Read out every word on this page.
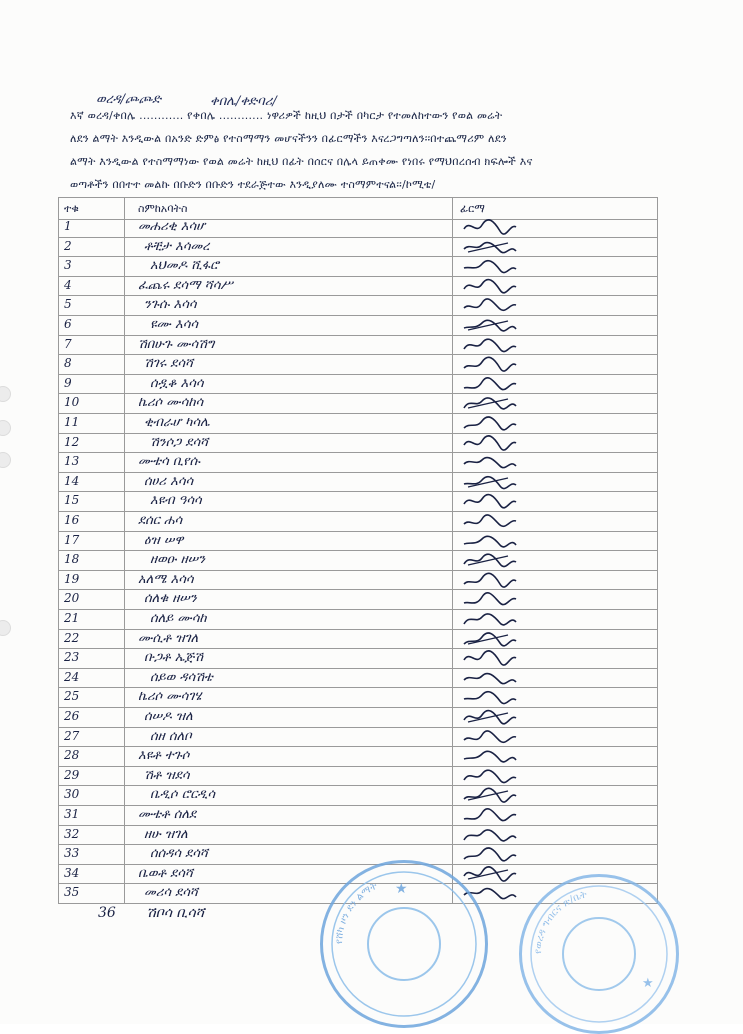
እኛ ወረዳ/ቀበሌ ............ የቀበሌ ............ ነዋሪዎች ከዚህ በታች በካርታ የተመለከተውን የወል መሬት
ለደን ልማት እንዲውል በአንድ ድምፅ የተስማማን መሆናችንን በፊርማችን እናረጋግጣለን፡፡በተጨማሪም ለደን
ልማት እንዲውል የተስማማነው የወል መሬት ከዚህ በፊት በሰርና በሌላ ይጠቀሙ የነበሩ የማህበረሰብ ክፍሎች እና
ወጣቶችን በበተተ መልኩ በቡድን በቡድን ተደራጅተው እንዲያለሙ ተስማምተናል፡፡/ኮሚቴ/
ወረዳ/ጮጮድ	ቀበሌ/ቀድባሪ/
ተቁ	ስምከአባትስ	ፊርማ
1	መሐሪቂ እሳሆ
2	ቶቺታ እሳመረ
3	አህመዶ ሺፋሮ
4	ፈጨሩ ደሳማ ሻሳሥ
5	ንጉሱ እሳሳ
6	ዩሙ እሳሳ
7	ሽበሁጉ ሙሳሽግ
8	ሽገሩ ደሳሻ
9	ሰዷቆ እሳሳ
10	ኬሪሶ ሙሳከሳ
11	ቂብራሆ ካሳሌ
12	ሽንሶጋ ደሳሻ
13	ሙቴሳ ቢየሱ
14	ሰሀሪ እሳሳ
15	እዩብ ዓሳሳ
16	ደሰር ሐሳ
17	ዕዝ ሠዋ
18	ዘወዑ ዘሠን
19	አለሜ እሳሳ
20	ሰለቁ ዘሠን
21	ሰለይ ሙሳከ
22	ሙሲቶ ዝገለ
23	ቡጋቶ ኤጅሽ
24	ሰይወ ዳሳሽቴ
25	ኬሪሶ ሙሳገሄ
26	ሰሠዶ ዝለ
27	ሰዘ ሰለቦ
28	እዩቶ ተጉሶ
29	ሽቶ ዝደሳ
30	ቤዲሶ ሮርዲሳ
31	ሙቴቶ ሰለደ
32	ዘሁ ዝገለ
33	ሰሰዳሳ ደሳሻ
34	ቤወቶ ደሳሻ
35	መሪሳ ደሳሻ
36 ሽቦሳ ቢሳሻ
የሸካ ዞን ደን ልማት ★
የወረዳ ግብርና ጽ/ቤት
★
